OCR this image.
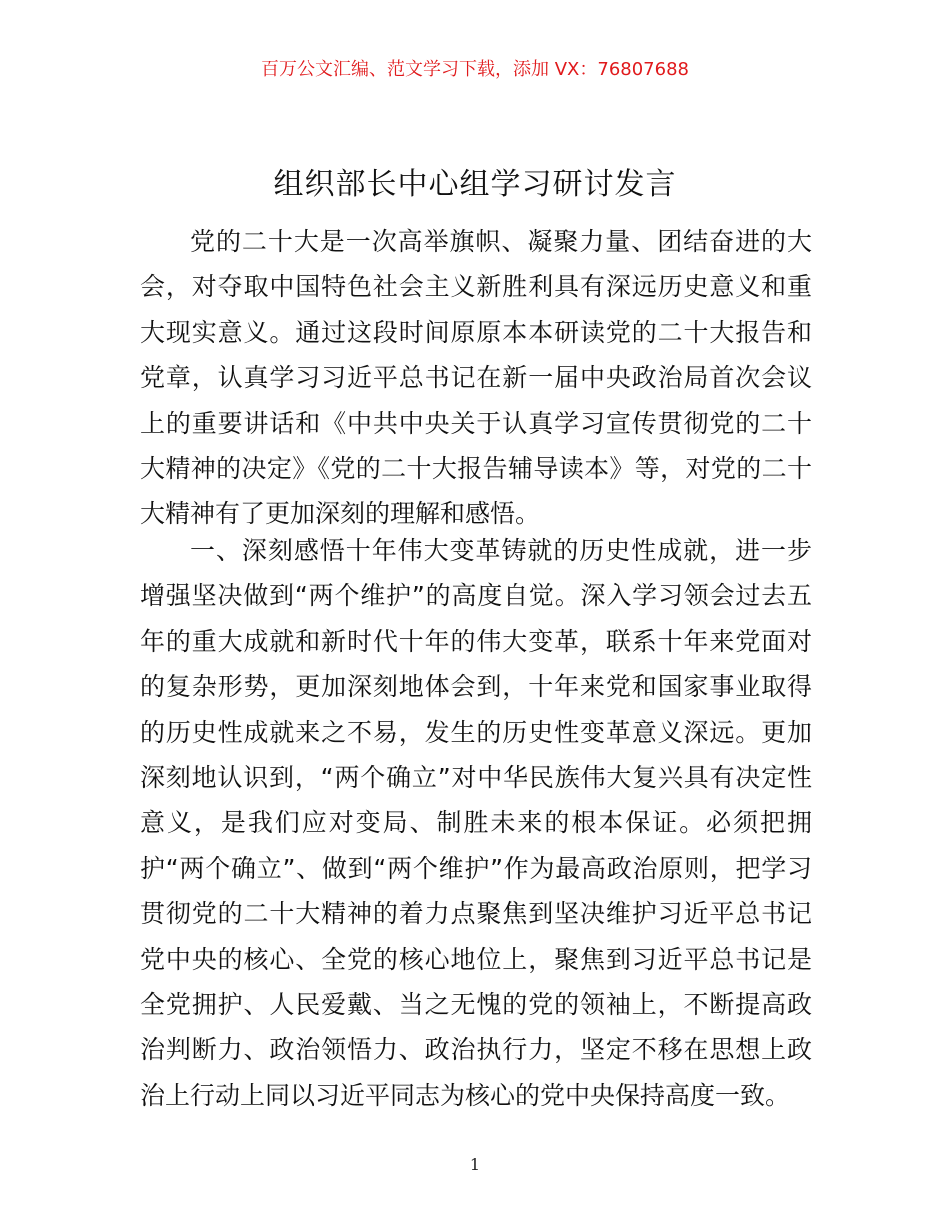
百万公文汇编、范文学习下载，添加 VX：76807688
组织部长中心组学习研讨发言

党的二十大是一次高举旗帜、凝聚力量、团结奋进的大会，对夺取中国特色社会主义新胜利具有深远历史意义和重大现实意义。通过这段时间原原本本研读党的二十大报告和党章，认真学习习近平总书记在新一届中央政治局首次会议上的重要讲话和《中共中央关于认真学习宣传贯彻党的二十大精神的决定》《党的二十大报告辅导读本》等，对党的二十大精神有了更加深刻的理解和感悟。

一、深刻感悟十年伟大变革铸就的历史性成就，进一步增强坚决做到“两个维护”的高度自觉。深入学习领会过去五年的重大成就和新时代十年的伟大变革，联系十年来党面对的复杂形势，更加深刻地体会到，十年来党和国家事业取得的历史性成就来之不易，发生的历史性变革意义深远。更加深刻地认识到，“两个确立”对中华民族伟大复兴具有决定性意义，是我们应对变局、制胜未来的根本保证。必须把拥护“两个确立”、做到“两个维护”作为最高政治原则，把学习贯彻党的二十大精神的着力点聚焦到坚决维护习近平总书记党中央的核心、全党的核心地位上，聚焦到习近平总书记是全党拥护、人民爱戴、当之无愧的党的领袖上，不断提高政治判断力、政治领悟力、政治执行力，坚定不移在思想上政治上行动上同以习近平同志为核心的党中央保持高度一致。

1
